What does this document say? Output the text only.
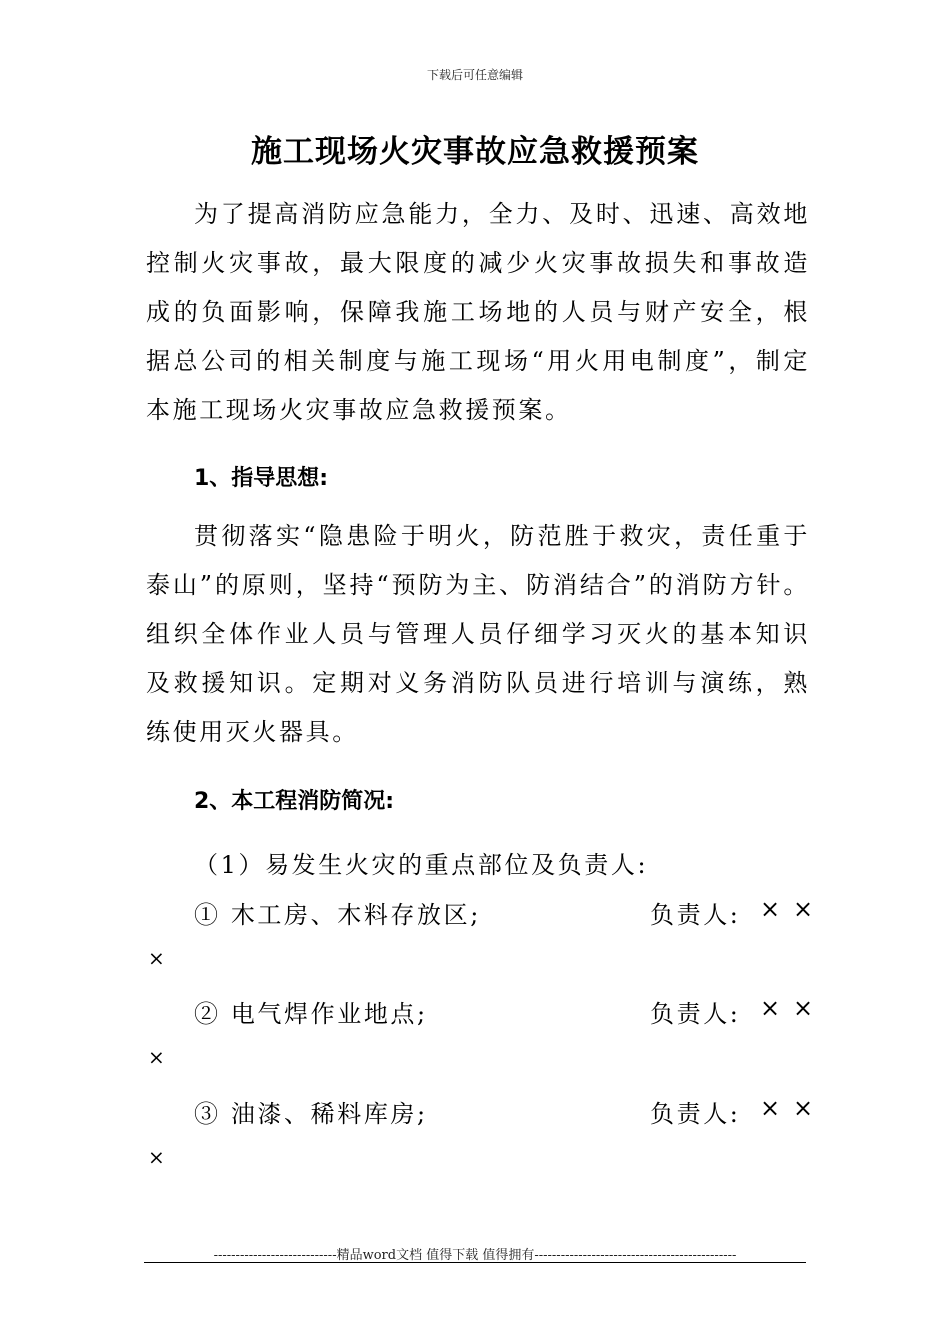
下载后可任意编辑
施工现场火灾事故应急救援预案

为了提高消防应急能力，全力、及时、迅速、高效地控制火灾事故，最大限度的减少火灾事故损失和事故造成的负面影响，保障我施工场地的人员与财产安全，根据总公司的相关制度与施工现场“用火用电制度”，制定本施工现场火灾事故应急救援预案。

1、指导思想:

贯彻落实“隐患险于明火，防范胜于救灾，责任重于泰山”的原则，坚持“预防为主、防消结合”的消防方针。组织全体作业人员与管理人员仔细学习灭火的基本知识及救援知识。定期对义务消防队员进行培训与演练，熟练使用灭火器具。

2、本工程消防简况:
（1）易发生火灾的重点部位及负责人:
① 木工房、木料存放区;	负责人: × ×
×
② 电气焊作业地点;	负责人: × ×
×
③ 油漆、稀料库房;	负责人: × ×
×
----------------------------精品word文档 值得下载 值得拥有----------------------------------------------
